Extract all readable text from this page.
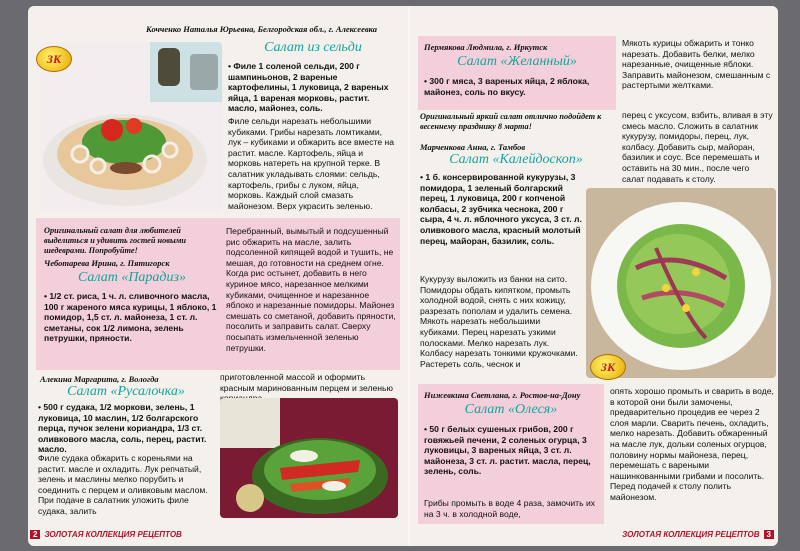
Кочченко Наталья Юрьевна, Белгородская обл., г. Алексеевка
ЗК
Салат из сельди
• Филе 1 соленой сельди, 200 г шампиньонов, 2 вареные картофелины, 1 луковица, 2 вареных яйца, 1 вареная морковь, растит. масло, майонез, соль.
Филе сельди нарезать небольшими кубиками. Грибы нарезать ломтиками, лук – кубиками и обжарить все вместе на растит. масле. Картофель, яйца и морковь натереть на крупной терке. В салатник укладывать слоями: сельдь, картофель, грибы с луком, яйца, морковь. Каждый слой смазать майонезом. Верх украсить зеленью.
Оригинальный салат для любителей выделиться и удивить гостей новыми шедеврами. Попробуйте!
Чеботарева Ирина, г. Пятигорск
Салат «Парадиз»
• 1/2 ст. риса, 1 ч. л. сливочного масла, 100 г жареного мяса курицы, 1 яблоко, 1 помидор, 1,5 ст. л. майонеза, 1 ст. л. сметаны, сок 1/2 лимона, зелень петрушки, пряности.
Перебранный, вымытый и подсушенный рис обжарить на масле, залить подсоленной кипящей водой и тушить, не мешая, до готовности на среднем огне. Когда рис остынет, добавить в него куриное мясо, нарезанное мелкими кубиками, очищенное и нарезанное яблоко и нарезанные помидоры. Майонез смешать со сметаной, добавить пряности, посолить и заправить салат. Сверху посыпать измельченной зеленью петрушки.
Алекина Маргарита, г. Вологда
Салат «Русалочка»
• 500 г судака, 1/2 моркови, зелень, 1 луковица, 10 маслин, 1/2 болгарского перца, пучок зелени кориандра, 1/3 ст. оливкового масла, соль, перец, растит. масло.
Филе судака обжарить с кореньями на растит. масле и охладить. Лук репчатый, зелень и маслины мелко порубить и соединить с перцем и оливковым маслом. При подаче в салатник уложить филе судака, залить
приготовленной массой и оформить красным маринованным перцем и зеленью
2 ЗОЛОТАЯ КОЛЛЕКЦИЯ РЕЦЕПТОВ
Пермякова Людмила, г. Иркутск
Салат «Желанный»
• 300 г мяса, 3 вареных яйца, 2 яблока, майонез, соль по вкусу.
Мякоть курицы обжарить и тонко нарезать. Добавить белки, мелко нарезанные, очищенные яблоки. Заправить майонезом, смешанным с растертыми желтками.
Оригинальный яркий салат отлично подойдет к весеннему празднику 8 марта!
Марченкова Анна, г. Тамбов
Салат «Калейдоскоп»
• 1 б. консервированной кукурузы, 3 помидора, 1 зеленый болгарский перец, 1 луковица, 200 г копченой колбасы, 2 зубчика чеснока, 200 г сыра, 4 ч. л. яблочного уксуса, 3 ст. л. оливкового масла, красный молотый перец, майоран, базилик, соль.
Кукурузу выложить из банки на сито. Помидоры обдать кипятком, промыть холодной водой, снять с них кожицу, разрезать пополам и удалить семена. Мякоть нарезать небольшими кубиками. Перец нарезать узкими полосками. Мелко нарезать лук. Колбасу нарезать тонкими кружочками. Растереть соль, чеснок и
перец с уксусом, взбить, вливая в эту смесь масло. Сложить в салатник кукурузу, помидоры, перец, лук, колбасу. Добавить сыр, майоран, базилик и соус. Все перемешать и оставить на 30 мин., после чего салат подавать к столу.
ЗК
Нижевкина Светлана, г. Ростов-на-Дону
Салат «Олеся»
• 50 г белых сушеных грибов, 200 г говяжьей печени, 2 соленых огурца, 3 луковицы, 3 вареных яйца, 3 ст. л. майонеза, 3 ст. л. растит. масла, перец, зелень, соль.
Грибы промыть в воде 4 раза, замочить их на 3 ч. в холодной воде,
опять хорошо промыть и сварить в воде, в которой они были замочены, предварительно процедив ее через 2 слоя марли. Сварить печень, охладить, мелко нарезать. Добавить обжаренный на масле лук, дольки соленых огурцов, половину нормы майонеза, перец, перемешать с вареными нашинкованными грибами и посолить. Перед подачей к столу полить майонезом.
ЗОЛОТАЯ КОЛЛЕКЦИЯ РЕЦЕПТОВ 3
